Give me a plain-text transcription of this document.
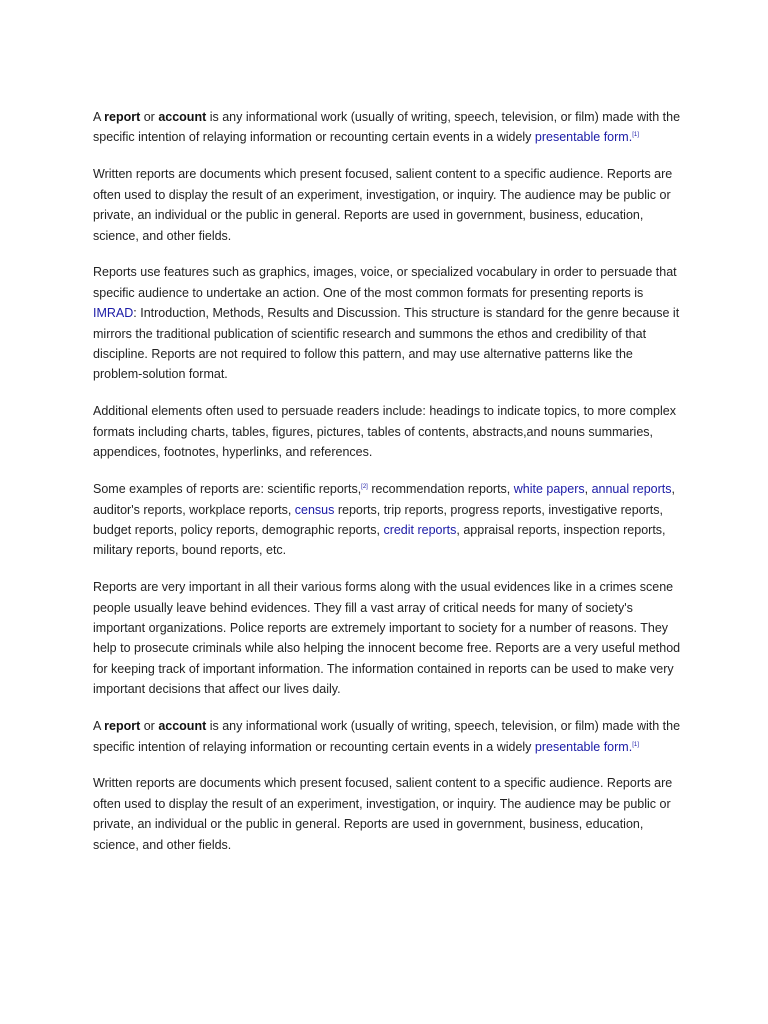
A report or account is any informational work (usually of writing, speech, television, or film) made with the specific intention of relaying information or recounting certain events in a widely presentable form.[1]

Written reports are documents which present focused, salient content to a specific audience. Reports are often used to display the result of an experiment, investigation, or inquiry. The audience may be public or private, an individual or the public in general. Reports are used in government, business, education, science, and other fields.

Reports use features such as graphics, images, voice, or specialized vocabulary in order to persuade that specific audience to undertake an action. One of the most common formats for presenting reports is IMRAD: Introduction, Methods, Results and Discussion. This structure is standard for the genre because it mirrors the traditional publication of scientific research and summons the ethos and credibility of that discipline. Reports are not required to follow this pattern, and may use alternative patterns like the problem-solution format.

Additional elements often used to persuade readers include: headings to indicate topics, to more complex formats including charts, tables, figures, pictures, tables of contents, abstracts,and nouns summaries, appendices, footnotes, hyperlinks, and references.

Some examples of reports are: scientific reports,[2] recommendation reports, white papers, annual reports, auditor's reports, workplace reports, census reports, trip reports, progress reports, investigative reports, budget reports, policy reports, demographic reports, credit reports, appraisal reports, inspection reports, military reports, bound reports, etc.

Reports are very important in all their various forms along with the usual evidences like in a crimes scene people usually leave behind evidences. They fill a vast array of critical needs for many of society's important organizations. Police reports are extremely important to society for a number of reasons. They help to prosecute criminals while also helping the innocent become free. Reports are a very useful method for keeping track of important information. The information contained in reports can be used to make very important decisions that affect our lives daily.

A report or account is any informational work (usually of writing, speech, television, or film) made with the specific intention of relaying information or recounting certain events in a widely presentable form.[1]

Written reports are documents which present focused, salient content to a specific audience. Reports are often used to display the result of an experiment, investigation, or inquiry. The audience may be public or private, an individual or the public in general. Reports are used in government, business, education, science, and other fields.
